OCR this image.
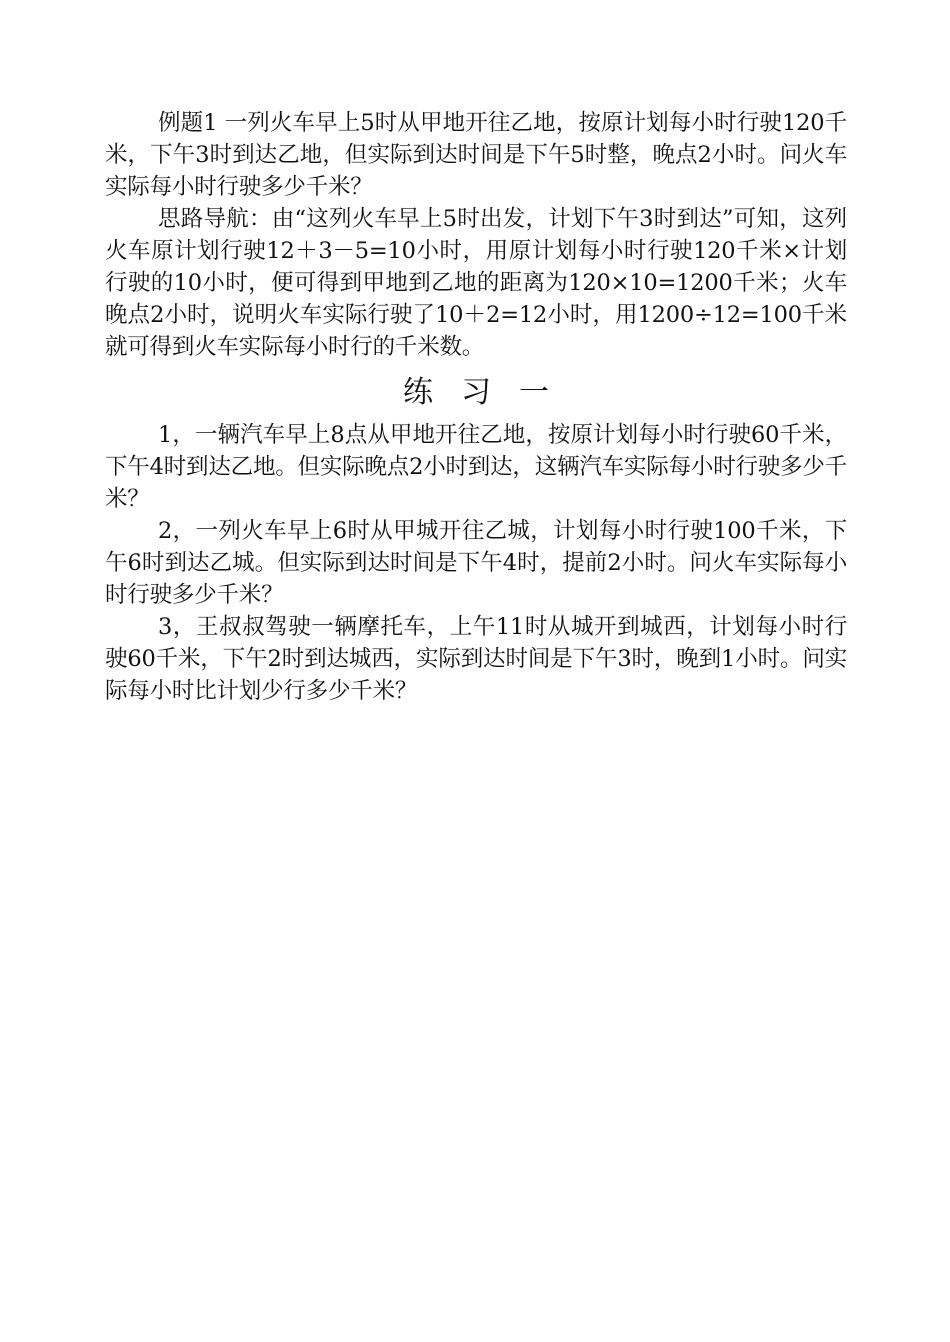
例题1 一列火车早上5时从甲地开往乙地，按原计划每小时行驶120千米，下午3时到达乙地，但实际到达时间是下午5时整，晚点2小时。问火车实际每小时行驶多少千米？

思路导航：由“这列火车早上5时出发，计划下午3时到达”可知，这列火车原计划行驶12＋3－5=10小时，用原计划每小时行驶120千米×计划行驶的10小时，便可得到甲地到乙地的距离为120×10=1200千米；火车晚点2小时，说明火车实际行驶了10＋2=12小时，用1200÷12=100千米就可得到火车实际每小时行的千米数。

练习一

1，一辆汽车早上8点从甲地开往乙地，按原计划每小时行驶60千米，下午4时到达乙地。但实际晚点2小时到达，这辆汽车实际每小时行驶多少千米？

2，一列火车早上6时从甲城开往乙城，计划每小时行驶100千米，下午6时到达乙城。但实际到达时间是下午4时，提前2小时。问火车实际每小时行驶多少千米？

3，王叔叔驾驶一辆摩托车，上午11时从城开到城西，计划每小时行驶60千米，下午2时到达城西，实际到达时间是下午3时，晚到1小时。问实际每小时比计划少行多少千米？
